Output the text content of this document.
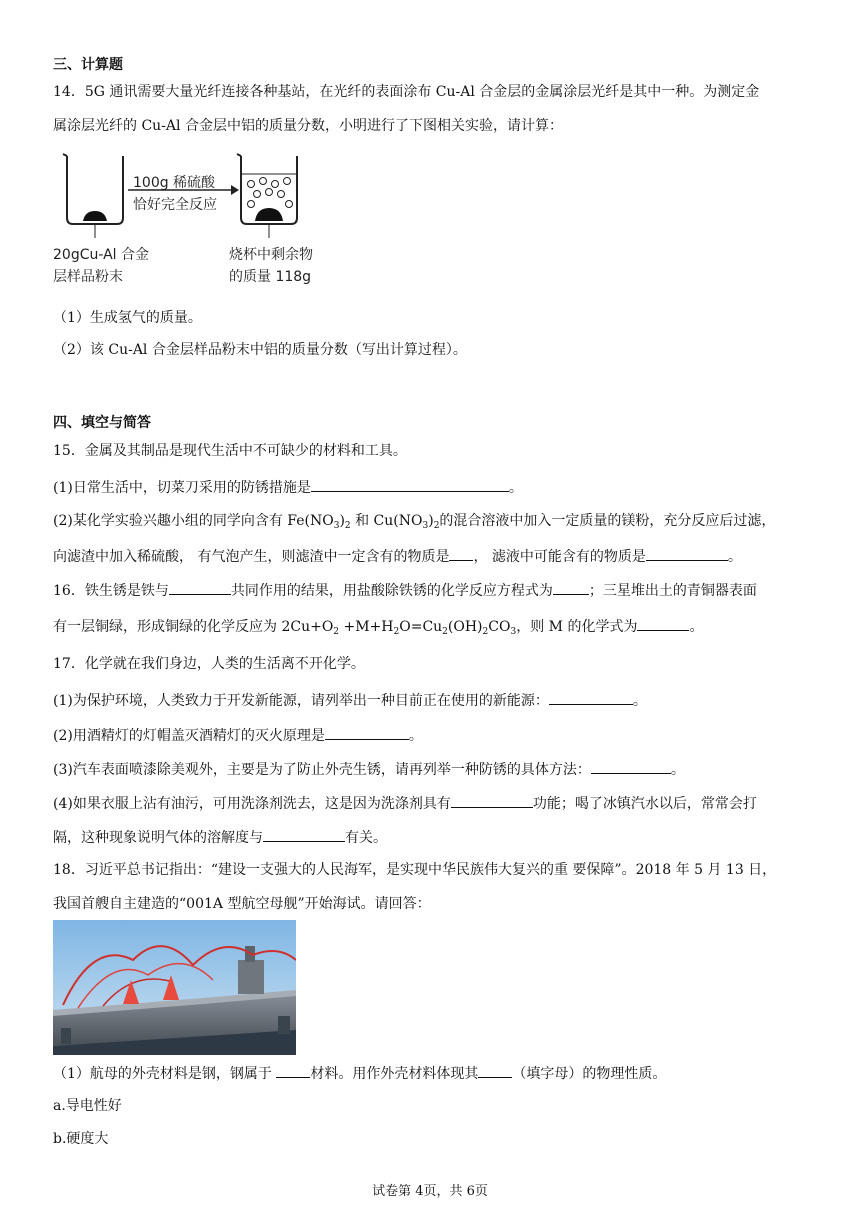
三、计算题
14．5G 通讯需要大量光纤连接各种基站，在光纤的表面涂布 Cu-Al 合金层的金属涂层光纤是其中一种。为测定金
属涂层光纤的 Cu-Al 合金层中铝的质量分数，小明进行了下图相关实验，请计算：
100g 稀硫酸
恰好完全反应
20gCu-Al 合金
层样品粉末
烧杯中剩余物
的质量 118g
（1）生成氢气的质量。
（2）该 Cu-Al 合金层样品粉末中铝的质量分数（写出计算过程）。
四、填空与简答
15．金属及其制品是现代生活中不可缺少的材料和工具。
(1)日常生活中，切菜刀采用的防锈措施是	。
(2)某化学实验兴趣小组的同学向含有 $Fe(NO_3)_2$ 和 $Cu(NO_3)_2$的混合溶液中加入一定质量的镁粉，充分反应后过滤，
向滤渣中加入稀硫酸， 有气泡产生，则滤渣中一定含有的物质是 ， 滤液中可能含有的物质是	。
16．铁生锈是铁与	共同作用的结果，用盐酸除铁锈的化学反应方程式为	；三星堆出土的青铜器表面
有一层铜绿，形成铜绿的化学反应为 $2Cu+O_2 +M+H_2O=Cu_2(OH)_2CO_3$，则 M 的化学式为	。
17．化学就在我们身边，人类的生活离不开化学。
(1)为保护环境，人类致力于开发新能源，请列举出一种目前正在使用的新能源：	。
(2)用酒精灯的灯帽盖灭酒精灯的灭火原理是	。
(3)汽车表面喷漆除美观外，主要是为了防止外壳生锈，请再列举一种防锈的具体方法：	。
(4)如果衣服上沾有油污，可用洗涤剂洗去，这是因为洗涤剂具有	功能；喝了冰镇汽水以后，常常会打
隔，这种现象说明气体的溶解度与	有关。
18．习近平总书记指出：“建设一支强大的人民海军，是实现中华民族伟大复兴的重 要保障”。2018 年 5 月 13 日，
我国首艘自主建造的“001A 型航空母舰”开始海试。请回答：
（1）航母的外壳材料是钢，钢属于 材料。用作外壳材料体现其 （填字母）的物理性质。
a.导电性好
b.硬度大
试卷第 4页，共 6页
